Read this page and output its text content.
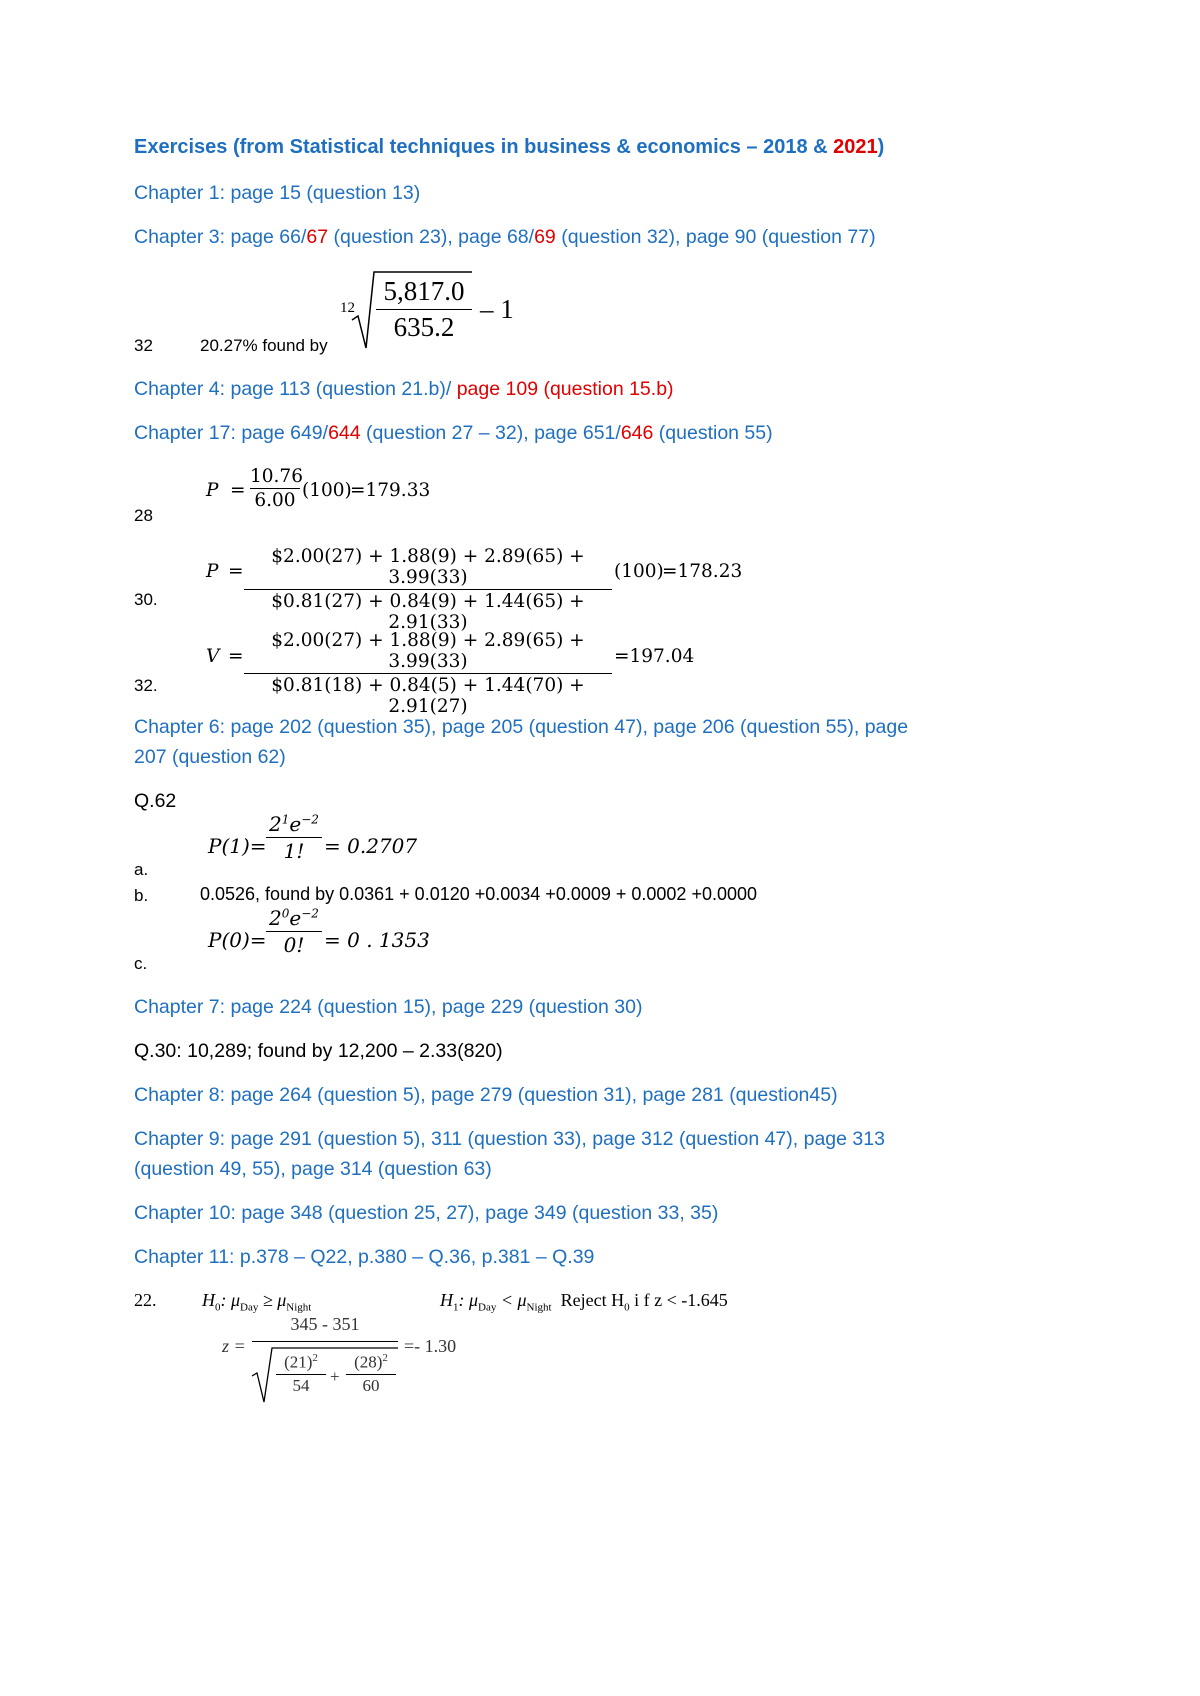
Exercises (from Statistical techniques in business & economics – 2018 & 2021)
Chapter 1: page 15 (question 13)
Chapter 3: page 66/67 (question 23), page 68/69 (question 32), page 90 (question 77)
32	20.27% found by
12
5,817.0
635.2
– 1
Chapter 4: page 113 (question 21.b)/ page 109 (question 15.b)
Chapter 17: page 649/644 (question 27 – 32), page 651/646 (question 55)
28
P =
10.76
6.00 (100)
=179.33
30.
P =
$2.00(27) + 1.88(9) + 2.89(65) + 3.99(33)
$0.81(27) + 0.84(9) + 1.44(65) + 2.91(33)
(100)
=178.23
32.
V =
$2.00(27) + 1.88(9) + 2.89(65) + 3.99(33)
$0.81(18) + 0.84(5) + 1.44(70) + 2.91(27)
=197.04
Chapter 6: page 202 (question 35), page 205 (question 47), page 206 (question 55), page
207 (question 62)
Q.62
a.
P(1)=
$2^1e^{-2}$
1! = 0.2707
b.	0.0526, found by 0.0361 + 0.0120 +0.0034 +0.0009 + 0.0002 +0.0000
c.
P(0)=
$2^0e^{-2}$
0! = 0 . 1353
Chapter 7: page 224 (question 15), page 229 (question 30)
Q.30: 10,289; found by 12,200 – 2.33(820)
Chapter 8: page 264 (question 5), page 279 (question 31), page 281 (question45)
Chapter 9: page 291 (question 5), 311 (question 33), page 312 (question 47), page 313
(question 49, 55), page 314 (question 63)
Chapter 10: page 348 (question 25, 27), page 349 (question 33, 35)
Chapter 11: p.378 – Q22, p.380 – Q.36, p.381 – Q.39
22.	$H_0$: $\mu_{Day} \ge \mu_{Night}$	$H_1$: $\mu_{Day} < \mu_{Night}$ Reject $H_0$ i f z < -1.645
z =
345 - 351
$(21)^2$
54	+
$(28)^2$
60
=- 1.30
